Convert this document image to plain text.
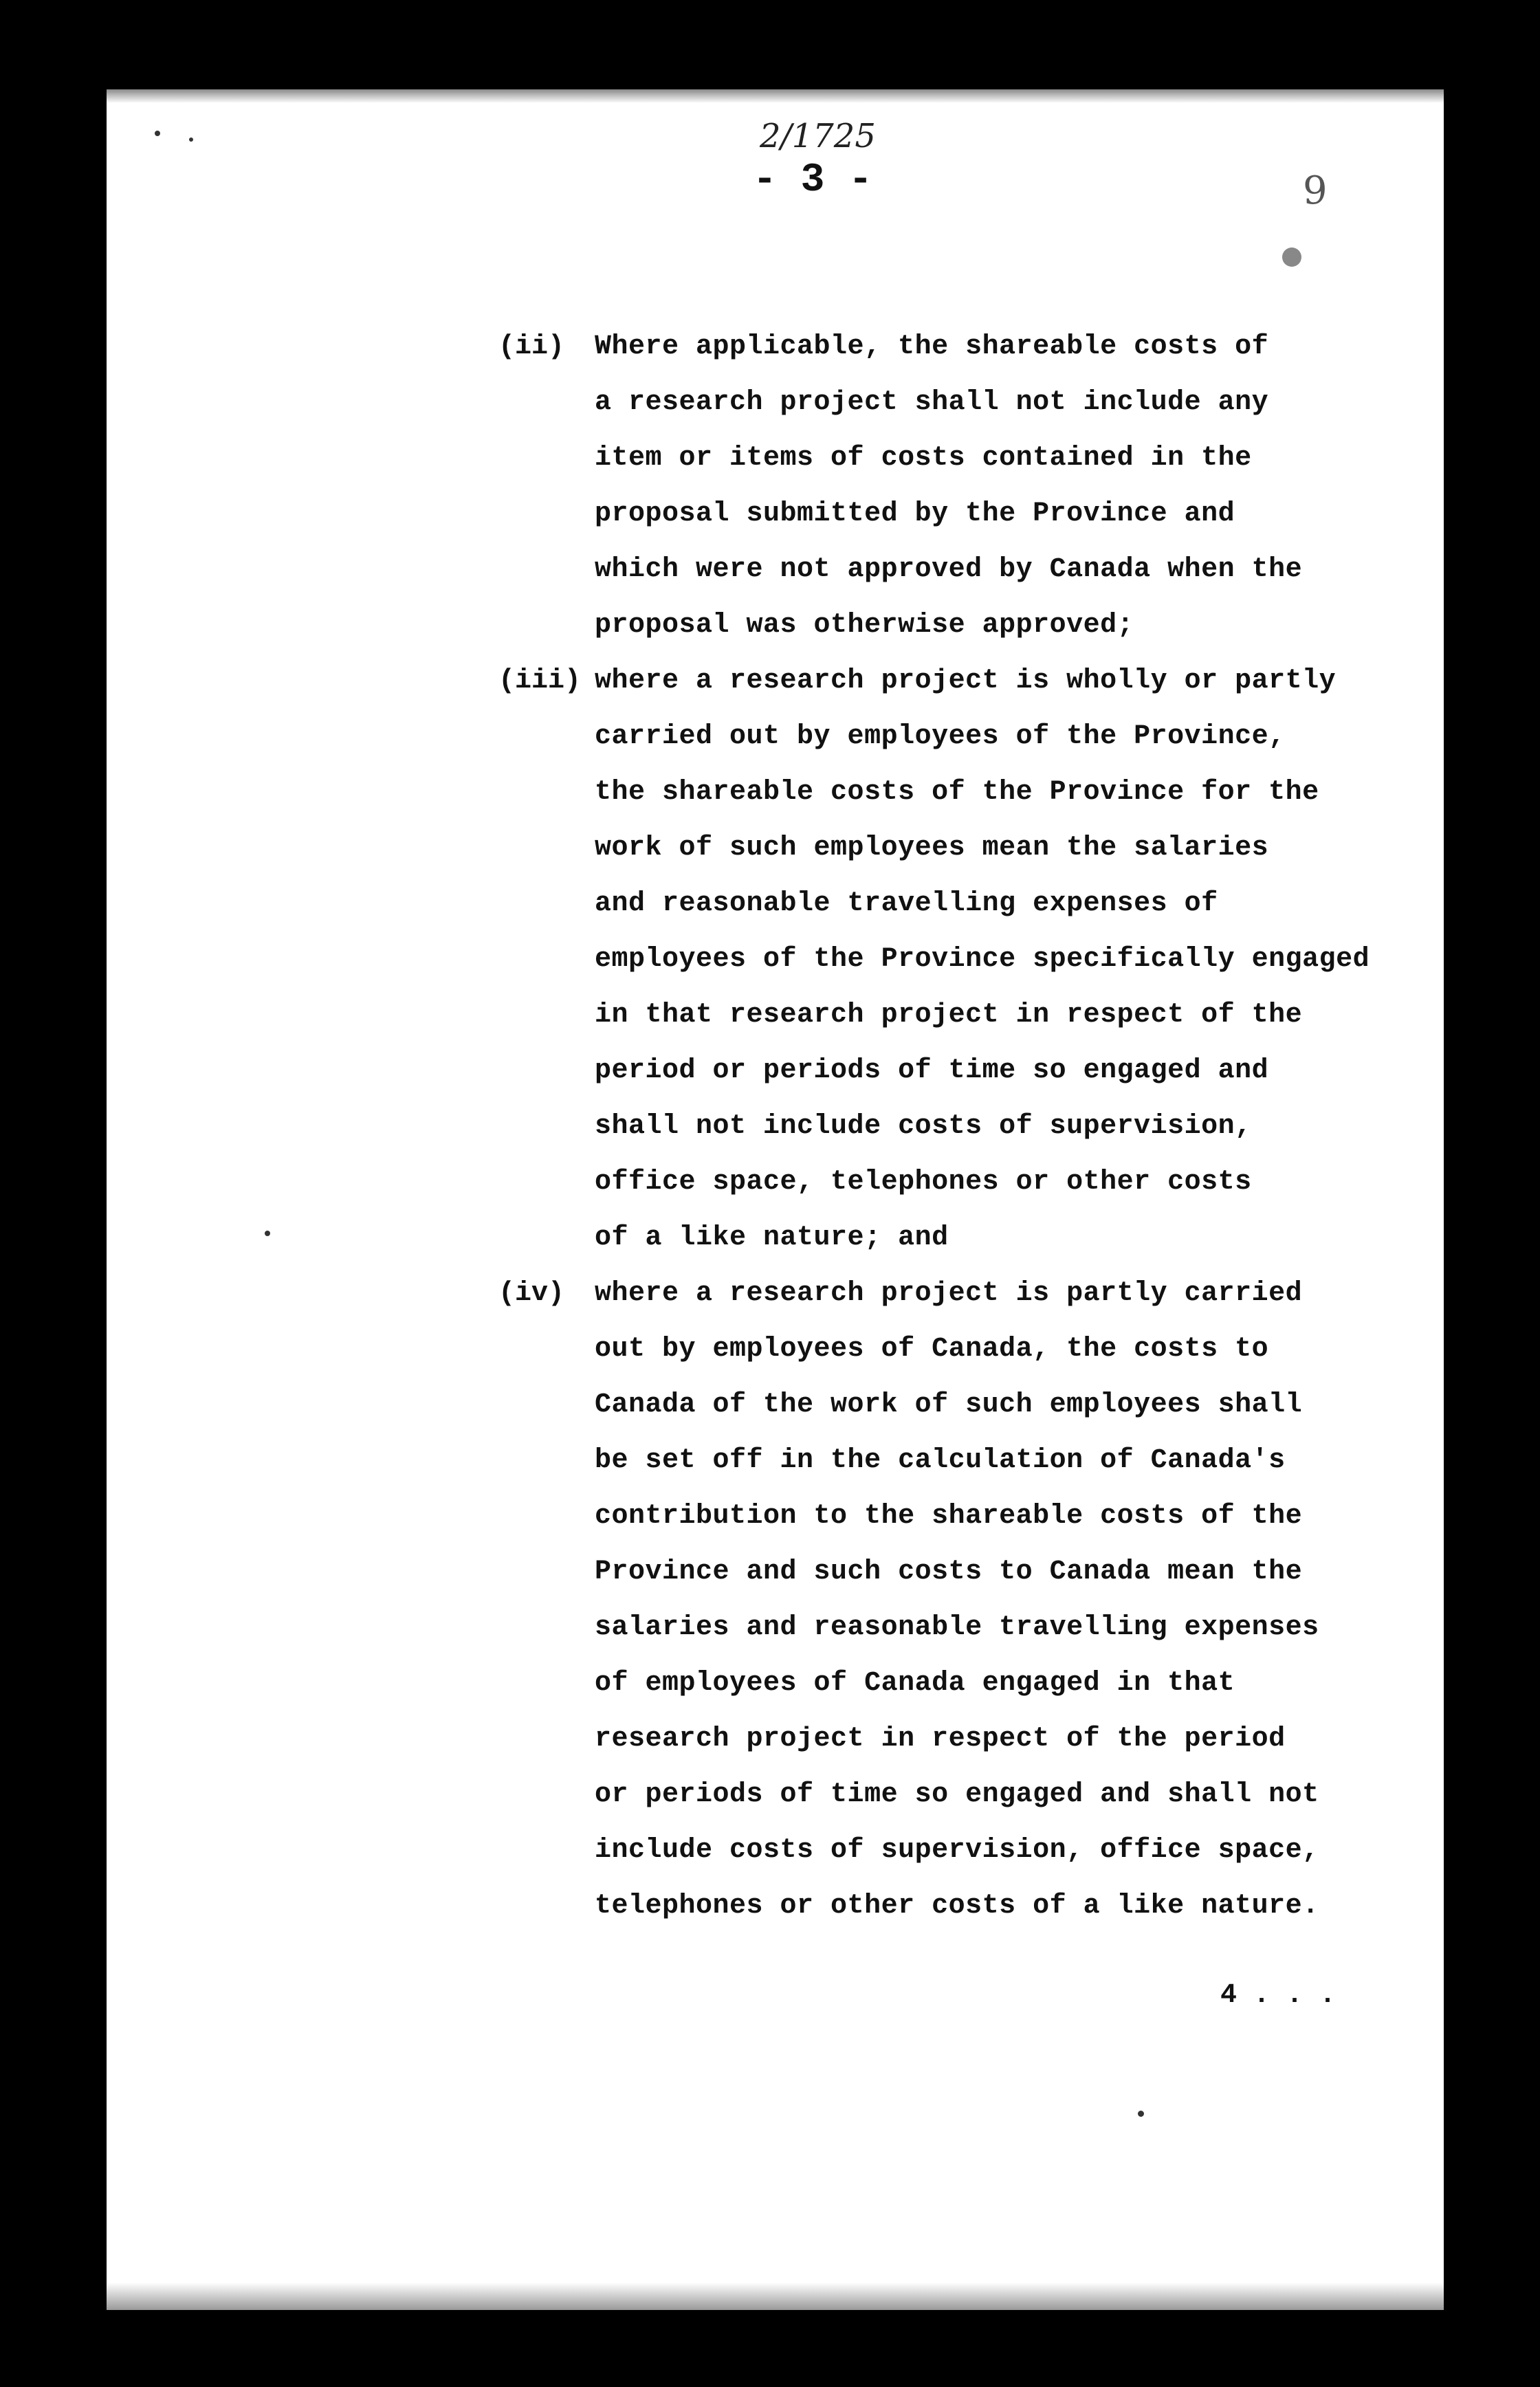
2/1725
- 3 -	9
(ii) Where applicable, the shareable costs of
a research project shall not include any
item or items of costs contained in the
proposal submitted by the Province and
which were not approved by Canada when the
proposal was otherwise approved;
(iii) where a research project is wholly or partly
carried out by employees of the Province,
the shareable costs of the Province for the
work of such employees mean the salaries
and reasonable travelling expenses of
employees of the Province specifically engaged
in that research project in respect of the
period or periods of time so engaged and
shall not include costs of supervision,
office space, telephones or other costs
of a like nature; and
(iv) where a research project is partly carried
out by employees of Canada, the costs to
Canada of the work of such employees shall
be set off in the calculation of Canada's
contribution to the shareable costs of the
Province and such costs to Canada mean the
salaries and reasonable travelling expenses
of employees of Canada engaged in that
research project in respect of the period
or periods of time so engaged and shall not
include costs of supervision, office space,
telephones or other costs of a like nature.
4 . . .
